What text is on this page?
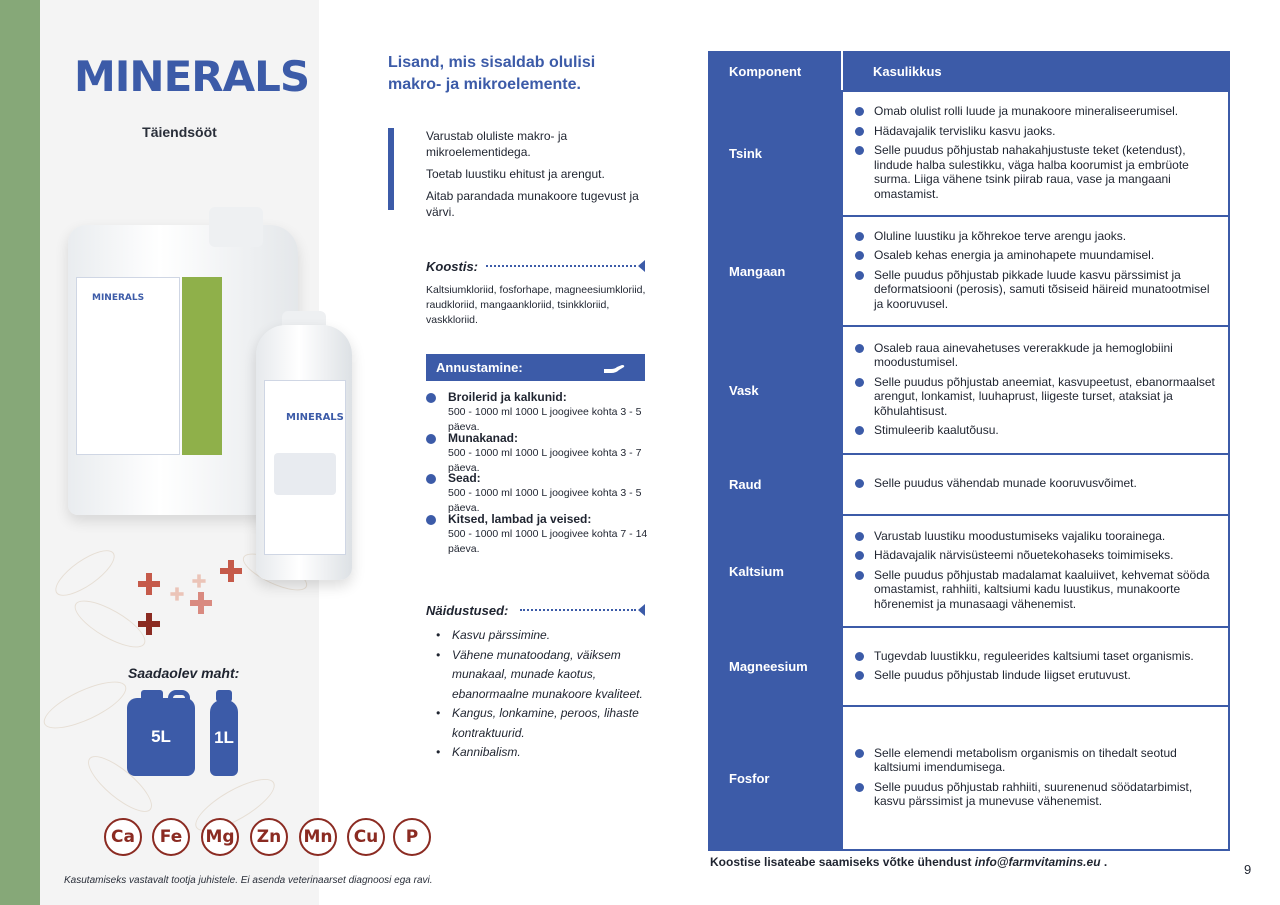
MINERALS
Täiendsööt
MINERALS
MINERALS
Saadaolev maht:
5L	1L
Ca	Fe	Mg	Zn	Mn	Cu	P
Kasutamiseks vastavalt tootja juhistele. Ei asenda veterinaarset diagnoosi ega ravi.
Lisand, mis sisaldab olulisi makro- ja mikroelemente.

Varustab oluliste makro- ja mikroelementidega.

Toetab luustiku ehitust ja arengut.

Aitab parandada munakoore tugevust ja värvi.

Koostis:
Kaltsiumkloriid, fosforhape, magneesiumkloriid, raudkloriid, mangaankloriid, tsinkkloriid, vaskkloriid.
Annustamine:
Broilerid ja kalkunid:
500 - 1000 ml 1000 L joogivee kohta 3 - 5 päeva.
Munakanad:
500 - 1000 ml 1000 L joogivee kohta 3 - 7 päeva.
Sead:
500 - 1000 ml 1000 L joogivee kohta 3 - 5 päeva.
Kitsed, lambad ja veised:
500 - 1000 ml 1000 L joogivee kohta 7 - 14 päeva.
Näidustused:
• Kasvu pärssimine.
• Vähene munatoodang, väiksem munakaal, munade kaotus, ebanormaalne munakoore kvaliteet.
• Kangus, lonkamine, peroos, lihaste kontraktuurid.
• Kannibalism.
Komponent	Kasulikkus
Tsink	Omab olulist rolli luude ja munakoore mineraliseerumisel.
Hädavajalik tervisliku kasvu jaoks.
Selle puudus põhjustab nahakahjustuste teket (ketendust), lindude halba sulestikku, väga halba koorumist ja embrüote surma. Liiga vähene tsink piirab raua, vase ja mangaani omastamist.

Mangaan	Oluline luustiku ja kõhrekoe terve arengu jaoks.
Osaleb kehas energia ja aminohapete muundamisel.
Selle puudus põhjustab pikkade luude kasvu pärssimist ja deformatsiooni (perosis), samuti tõsiseid häireid munatootmisel ja kooruvusel.

Vask	Osaleb raua ainevahetuses vererakkude ja hemoglobiini moodustumisel.
Selle puudus põhjustab aneemiat, kasvupeetust, ebanormaalset arengut, lonkamist, luuhaprust, liigeste turset, ataksiat ja kõhulahtisust.
Stimuleerib kaalutõusu.

Raud	Selle puudus vähendab munade kooruvusvõimet.

Kaltsium	Varustab luustiku moodustumiseks vajaliku toorainega.
Hädavajalik närvisüsteemi nõuetekohaseks toimimiseks.
Selle puudus põhjustab madalamat kaaluiivet, kehvemat sööda omastamist, rahhiiti, kaltsiumi kadu luustikus, munakoorte hõrenemist ja munasaagi vähenemist.

Magneesium	Tugevdab luustikku, reguleerides kaltsiumi taset organismis.
Selle puudus põhjustab lindude liigset erutuvust.

Fosfor	Selle elemendi metabolism organismis on tihedalt seotud kaltsiumi imendumisega.
Selle puudus põhjustab rahhiiti, suurenenud söödatarbimist, kasvu pärssimist ja munevuse vähenemist.
Koostise lisateabe saamiseks võtke ühendust info@farmvitamins.eu .	9
